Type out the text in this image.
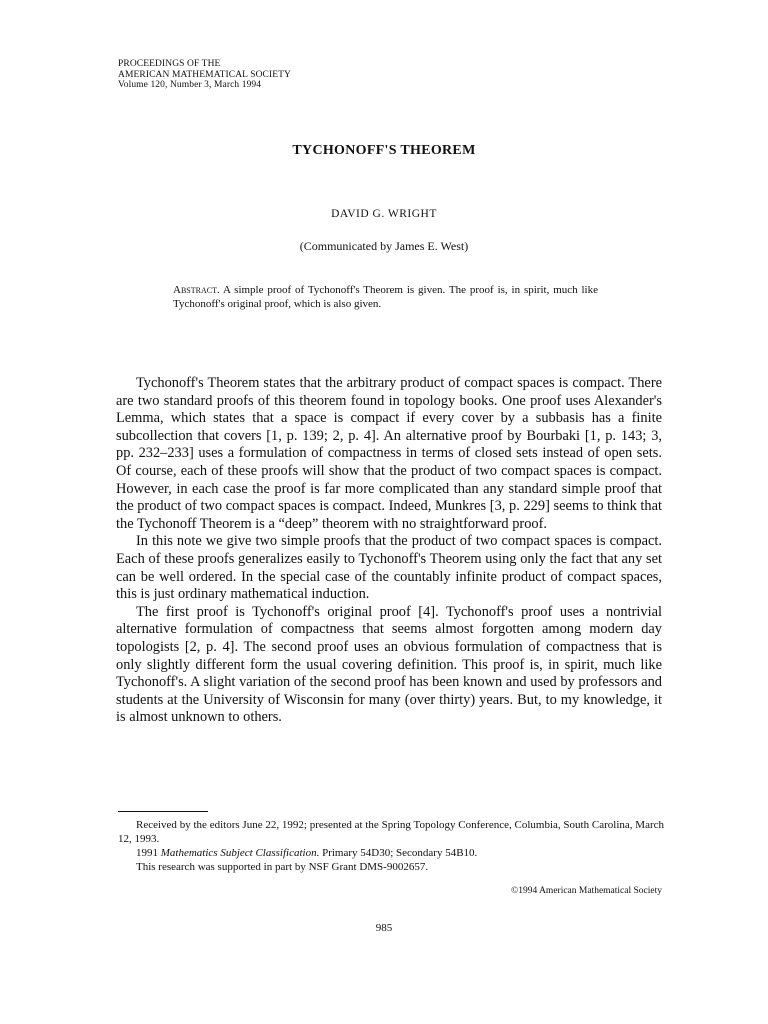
PROCEEDINGS OF THE
AMERICAN MATHEMATICAL SOCIETY
Volume 120, Number 3, March 1994
TYCHONOFF'S THEOREM
DAVID G. WRIGHT
(Communicated by James E. West)
Abstract. A simple proof of Tychonoff's Theorem is given. The proof is, in spirit, much like Tychonoff's original proof, which is also given.

Tychonoff's Theorem states that the arbitrary product of compact spaces is compact. There are two standard proofs of this theorem found in topology books. One proof uses Alexander's Lemma, which states that a space is compact if every cover by a subbasis has a finite subcollection that covers [1, p. 139; 2, p. 4]. An alternative proof by Bourbaki [1, p. 143; 3, pp. 232–233] uses a formulation of compactness in terms of closed sets instead of open sets. Of course, each of these proofs will show that the product of two compact spaces is compact. However, in each case the proof is far more complicated than any standard simple proof that the product of two compact spaces is compact. Indeed, Munkres [3, p. 229] seems to think that the Tychonoff Theorem is a “deep” theorem with no straightforward proof.

In this note we give two simple proofs that the product of two compact spaces is compact. Each of these proofs generalizes easily to Tychonoff's Theorem using only the fact that any set can be well ordered. In the special case of the countably infinite product of compact spaces, this is just ordinary mathematical induction.

The first proof is Tychonoff's original proof [4]. Tychonoff's proof uses a nontrivial alternative formulation of compactness that seems almost forgotten among modern day topologists [2, p. 4]. The second proof uses an obvious formulation of compactness that is only slightly different form the usual covering definition. This proof is, in spirit, much like Tychonoff's. A slight variation of the second proof has been known and used by professors and students at the University of Wisconsin for many (over thirty) years. But, to my knowledge, it is almost unknown to others.

Received by the editors June 22, 1992; presented at the Spring Topology Conference, Columbia, South Carolina, March 12, 1993.

1991 Mathematics Subject Classification. Primary 54D30; Secondary 54B10.

This research was supported in part by NSF Grant DMS-9002657.

©1994 American Mathematical Society
985
